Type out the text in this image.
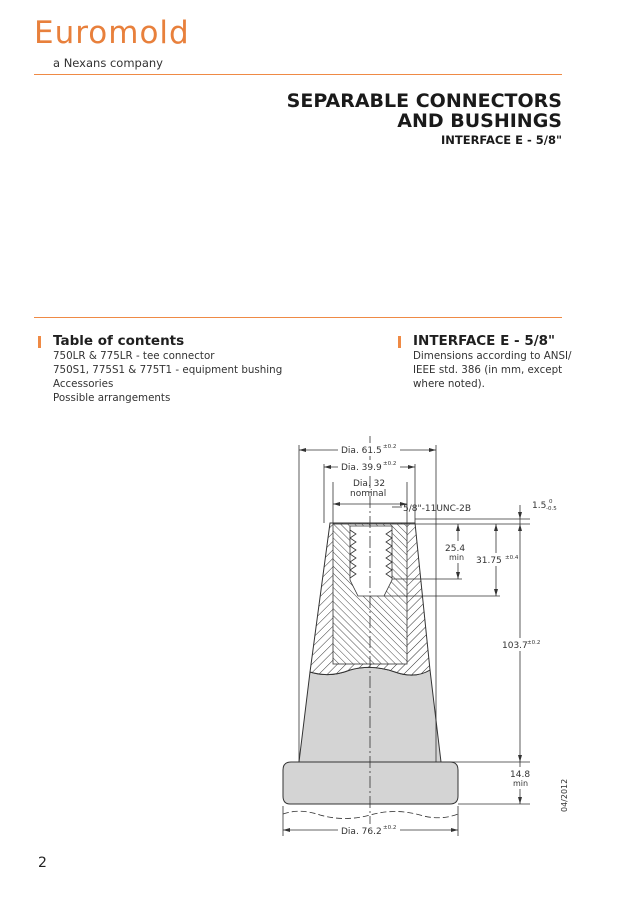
Euromold
a Nexans company
SEPARABLE CONNECTORS
AND BUSHINGS
INTERFACE E - 5/8"
Table of contents
750LR & 775LR - tee connector
750S1, 775S1 & 775T1 - equipment bushing
Accessories
Possible arrangements
INTERFACE E - 5/8"
Dimensions according to ANSI/
IEEE std. 386 (in mm, except
where noted).
Dia. 61.5 ±0.2
Dia. 39.9 ±0.2
Dia. 32
nominal
5/8"-11UNC-2B	1.5 0
-0.5
25.4
min 31.75 ±0.4
103.7 ±0.2
14.8
min
Dia. 76.2 ±0.2
04/2012
2
